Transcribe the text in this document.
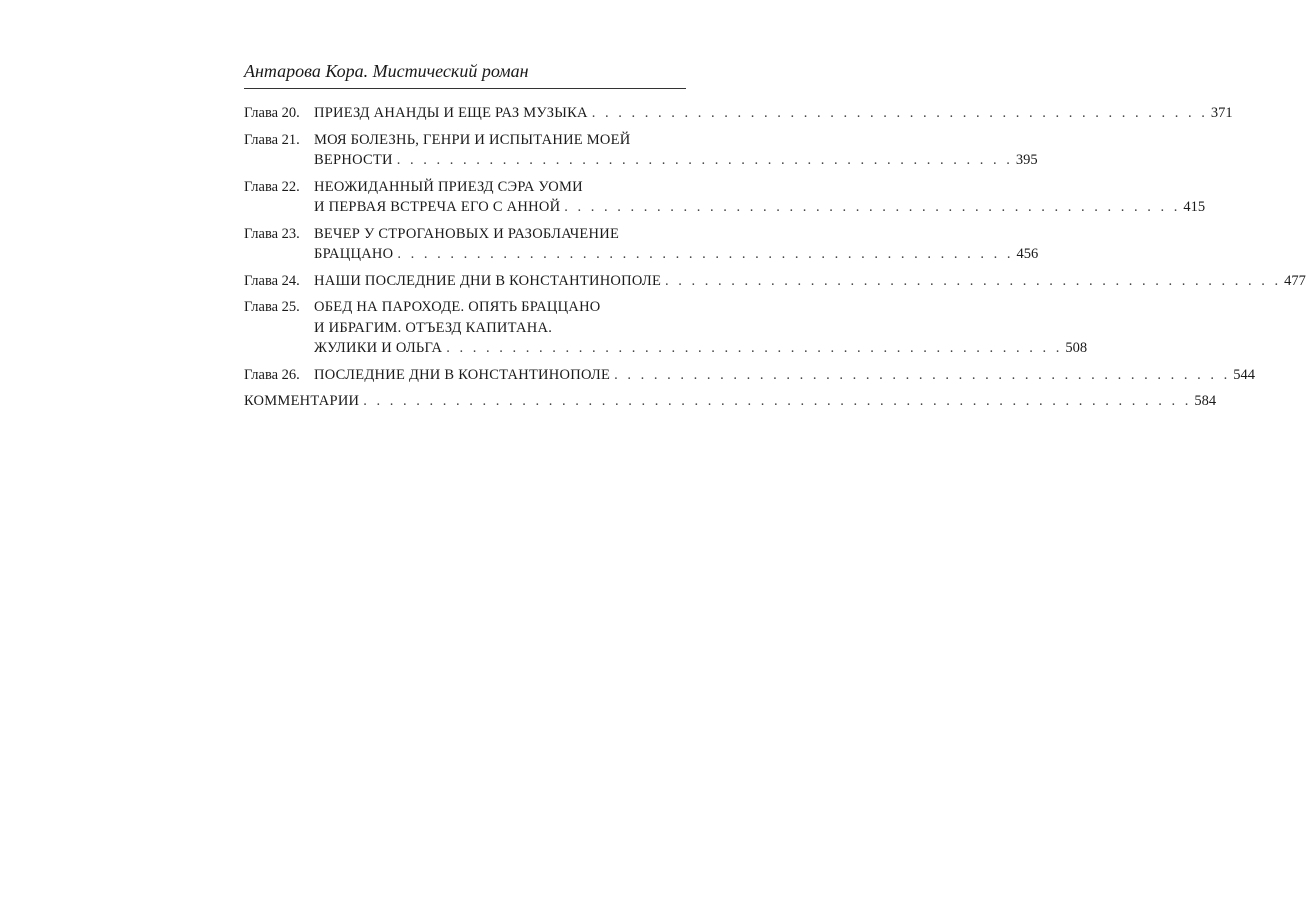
Антарова Кора. Мистический роман
Глава 20. ПРИЕЗД АНАНДЫ И ЕЩЕ РАЗ МУЗЫКА . . . . . . . . . . . . . . . . . . . . . . . . . . . . . . . . . . . . . . . . . . . . . . . 371
Глава 21. МОЯ БОЛЕЗНЬ, ГЕНРИ И ИСПЫТАНИЕ МОЕЙ
ВЕРНОСТИ . . . . . . . . . . . . . . . . . . . . . . . . . . . . . . . . . . . . . . . . . . . . . . . 395
Глава 22. НЕОЖИДАННЫЙ ПРИЕЗД СЭРА УОМИ
И ПЕРВАЯ ВСТРЕЧА ЕГО С АННОЙ . . . . . . . . . . . . . . . . . . . . . . . . . . . . . . . . . . . . . . . . . . . . . . . 415
Глава 23. ВЕЧЕР У СТРОГАНОВЫХ И РАЗОБЛАЧЕНИЕ
БРАЦЦАНО . . . . . . . . . . . . . . . . . . . . . . . . . . . . . . . . . . . . . . . . . . . . . . . 456
Глава 24. НАШИ ПОСЛЕДНИЕ ДНИ В КОНСТАНТИНОПОЛЕ . . . . . . . . . . . . . . . . . . . . . . . . . . . . . . . . . . . . . . . . . . . . . . . 477
Глава 25. ОБЕД НА ПАРОХОДЕ. ОПЯТЬ БРАЦЦАНО
И ИБРАГИМ. ОТЪЕЗД КАПИТАНА.
ЖУЛИКИ И ОЛЬГА . . . . . . . . . . . . . . . . . . . . . . . . . . . . . . . . . . . . . . . . . . . . . . . 508
Глава 26. ПОСЛЕДНИЕ ДНИ В КОНСТАНТИНОПОЛЕ . . . . . . . . . . . . . . . . . . . . . . . . . . . . . . . . . . . . . . . . . . . . . . . 544
КОММЕНТАРИИ . . . . . . . . . . . . . . . . . . . . . . . . . . . . . . . . . . . . . . . . . . . . . . . . . . . . . . . . . . . . . . . 584
